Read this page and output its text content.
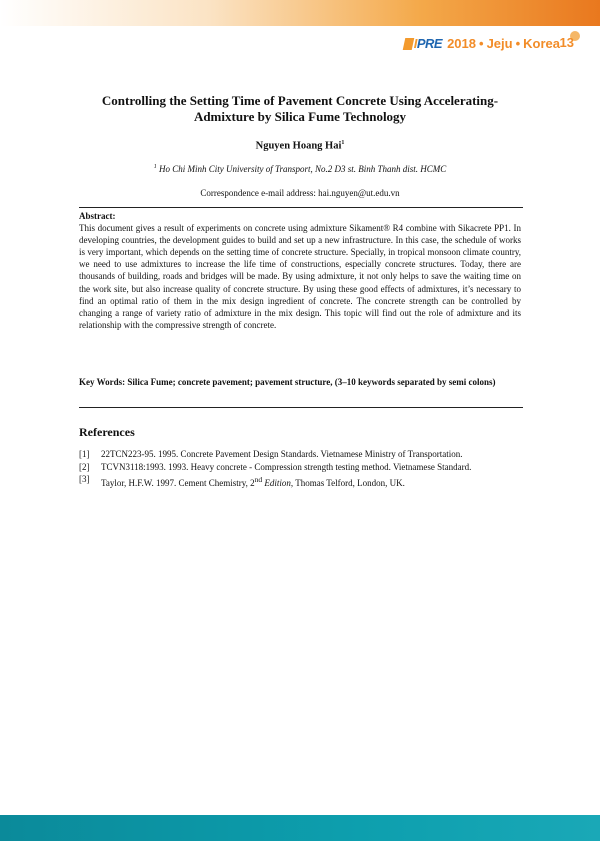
IPRE 2018 • Jeju • Korea 13
Controlling the Setting Time of Pavement Concrete Using Accelerating-
Admixture by Silica Fume Technology
Nguyen Hoang Hai$^1$
$^1$ Ho Chi Minh City University of Transport, No.2 D3 st. Binh Thanh dist. HCMC
Correspondence e-mail address: hai.nguyen@ut.edu.vn
Abstract:
This document gives a result of experiments on concrete using admixture Sikament® R4 combine with Sikacrete PP1. In developing countries, the development guides to build and set up a new infrastructure. In this case, the schedule of works is very important, which depends on the setting time of concrete structure. Specially, in tropical monsoon climate country, we need to use admixtures to increase the life time of constructions, especially concrete structures. Today, there are thousands of building, roads and bridges will be made. By using admixture, it not only helps to save the waiting time on the work site, but also increase quality of concrete structure. By using these good effects of admixtures, it’s necessary to find an optimal ratio of them in the mix design ingredient of concrete. The concrete strength can be controlled by changing a range of variety ratio of admixture in the mix design. This topic will find out the role of admixture and its relationship with the compressive strength of concrete.
Key Words: Silica Fume; concrete pavement; pavement structure, (3–10 keywords separated by semi colons)
References
[1]	22TCN223-95. 1995. Concrete Pavement Design Standards. Vietnamese Ministry of Transportation.
[2]	TCVN3118:1993. 1993. Heavy concrete - Compression strength testing method. Vietnamese Standard.
[3]	Taylor, H.F.W. 1997. Cement Chemistry, 2nd Edition, Thomas Telford, London, UK.
